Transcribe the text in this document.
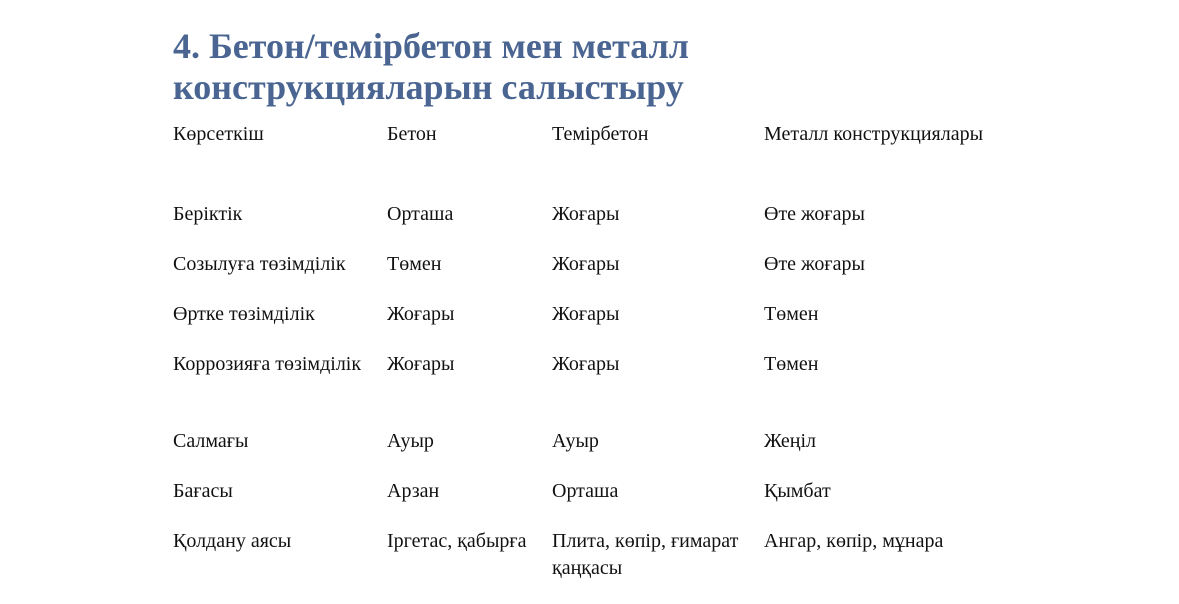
4. Бетон/темірбетон мен металл
конструкцияларын салыстыру
Көрсеткіш	Бетон	Темірбетон	Металл конструкциялары
Беріктік	Орташа	Жоғары	Өте жоғары
Созылуға төзімділік	Төмен	Жоғары	Өте жоғары
Өртке төзімділік	Жоғары	Жоғары	Төмен
Коррозияға төзімділік	Жоғары	Жоғары	Төмен
Салмағы	Ауыр	Ауыр	Жеңіл
Бағасы	Арзан	Орташа	Қымбат
Қолдану аясы	Іргетас, қабырға	Плита, көпір, ғимарат қаңқасы	Ангар, көпір, мұнара
